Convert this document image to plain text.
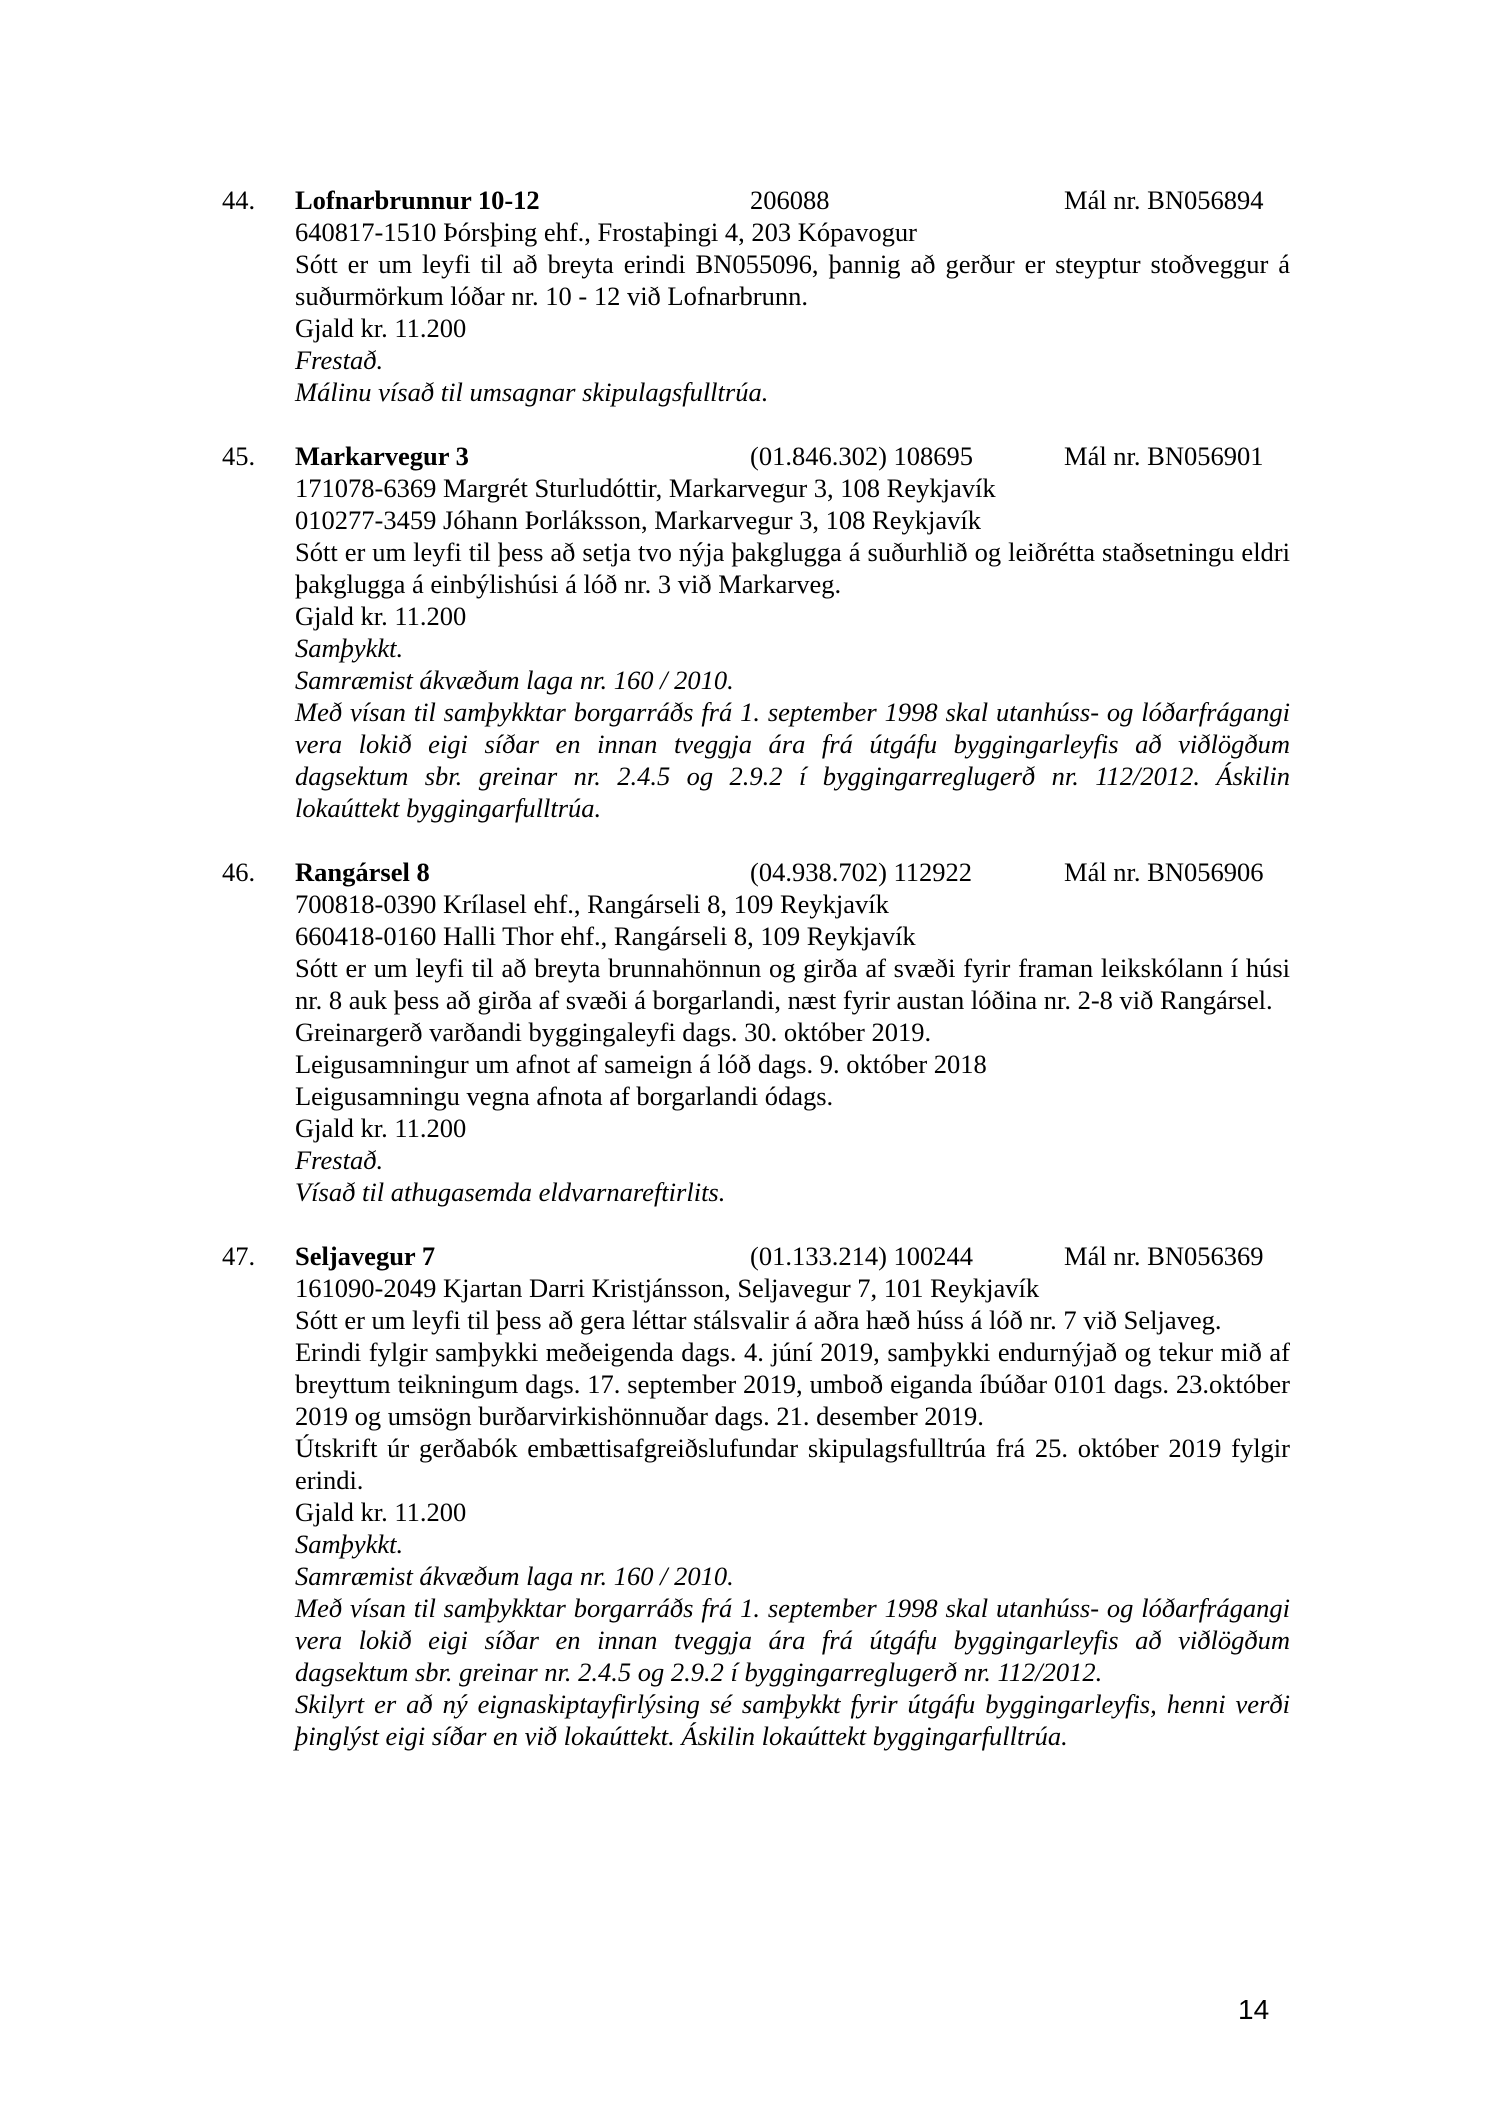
44. Lofnarbrunnur 10-12	206088	Mál nr. BN056894

640817-1510 Þórsþing ehf., Frostaþingi 4, 203 Kópavogur

Sótt er um leyfi til að breyta erindi BN055096, þannig að gerður er steyptur stoðveggur á suðurmörkum lóðar nr. 10 - 12 við Lofnarbrunn.

Gjald kr. 11.200

Frestað.

Málinu vísað til umsagnar skipulagsfulltrúa.

45. Markarvegur 3	(01.846.302) 108695	Mál nr. BN056901

171078-6369 Margrét Sturludóttir, Markarvegur 3, 108 Reykjavík

010277-3459 Jóhann Þorláksson, Markarvegur 3, 108 Reykjavík

Sótt er um leyfi til þess að setja tvo nýja þakglugga á suðurhlið og leiðrétta staðsetningu eldri þakglugga á einbýlishúsi á lóð nr. 3 við Markarveg.

Gjald kr. 11.200

Samþykkt.

Samræmist ákvæðum laga nr. 160 / 2010.

Með vísan til samþykktar borgarráðs frá 1. september 1998 skal utanhúss- og lóðarfrágangi vera lokið eigi síðar en innan tveggja ára frá útgáfu byggingarleyfis að viðlögðum dagsektum sbr. greinar nr. 2.4.5 og 2.9.2 í byggingarreglugerð nr. 112/2012. Áskilin lokaúttekt byggingarfulltrúa.

46. Rangársel 8	(04.938.702) 112922	Mál nr. BN056906

700818-0390 Krílasel ehf., Rangárseli 8, 109 Reykjavík

660418-0160 Halli Thor ehf., Rangárseli 8, 109 Reykjavík

Sótt er um leyfi til að breyta brunnahönnun og girða af svæði fyrir framan leikskólann í húsi nr. 8 auk þess að girða af svæði á borgarlandi, næst fyrir austan lóðina nr. 2-8 við Rangársel.

Greinargerð varðandi byggingaleyfi dags. 30. október 2019.

Leigusamningur um afnot af sameign á lóð dags. 9. október 2018

Leigusamningu vegna afnota af borgarlandi ódags.

Gjald kr. 11.200

Frestað.

Vísað til athugasemda eldvarnareftirlits.

47. Seljavegur 7	(01.133.214) 100244	Mál nr. BN056369

161090-2049 Kjartan Darri Kristjánsson, Seljavegur 7, 101 Reykjavík

Sótt er um leyfi til þess að gera léttar stálsvalir á aðra hæð húss á lóð nr. 7 við Seljaveg.

Erindi fylgir samþykki meðeigenda dags. 4. júní 2019, samþykki endurnýjað og tekur mið af breyttum teikningum dags. 17. september 2019, umboð eiganda íbúðar 0101 dags. 23.október 2019 og umsögn burðarvirkishönnuðar dags. 21. desember 2019.

Útskrift úr gerðabók embættisafgreiðslufundar skipulagsfulltrúa frá 25. október 2019 fylgir erindi.

Gjald kr. 11.200

Samþykkt.

Samræmist ákvæðum laga nr. 160 / 2010.

Með vísan til samþykktar borgarráðs frá 1. september 1998 skal utanhúss- og lóðarfrágangi vera lokið eigi síðar en innan tveggja ára frá útgáfu byggingarleyfis að viðlögðum dagsektum sbr. greinar nr. 2.4.5 og 2.9.2 í byggingarreglugerð nr. 112/2012.

Skilyrt er að ný eignaskiptayfirlýsing sé samþykkt fyrir útgáfu byggingarleyfis, henni verði þinglýst eigi síðar en við lokaúttekt. Áskilin lokaúttekt byggingarfulltrúa.

14
